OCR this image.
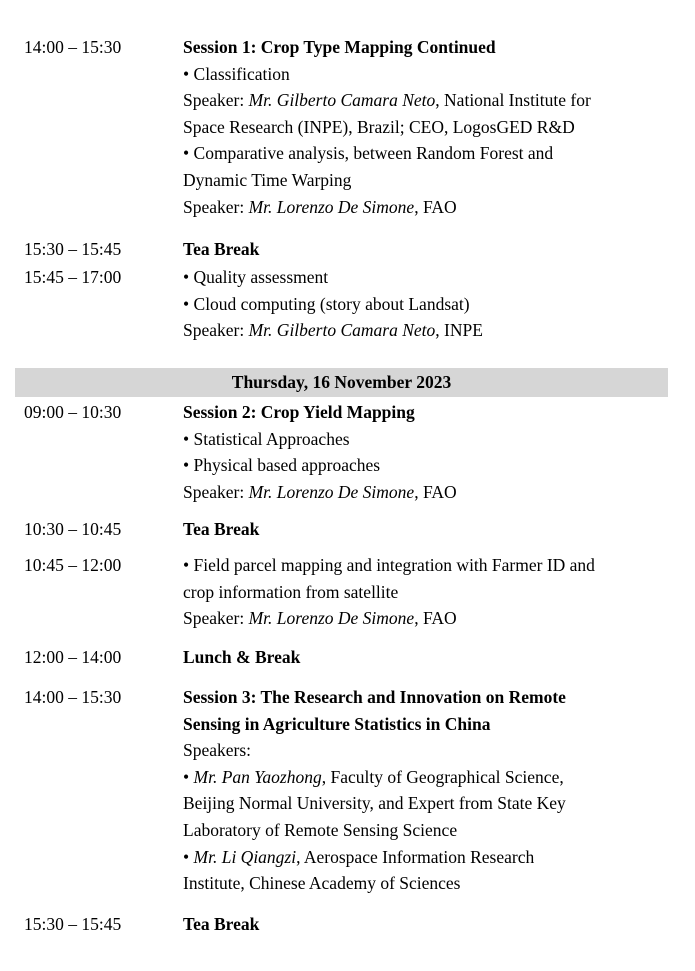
14:00 – 15:30	Session 1: Crop Type Mapping Continued
• Classification
Speaker: Mr. Gilberto Camara Neto, National Institute for
Space Research (INPE), Brazil; CEO, LogosGED R&D
• Comparative analysis, between Random Forest and
Dynamic Time Warping
Speaker: Mr. Lorenzo De Simone, FAO
15:30 – 15:45	Tea Break
15:45 – 17:00	• Quality assessment
• Cloud computing (story about Landsat)
Speaker: Mr. Gilberto Camara Neto, INPE
Thursday, 16 November 2023
09:00 – 10:30	Session 2: Crop Yield Mapping
• Statistical Approaches
• Physical based approaches
Speaker: Mr. Lorenzo De Simone, FAO
10:30 – 10:45	Tea Break
10:45 – 12:00	• Field parcel mapping and integration with Farmer ID and
crop information from satellite
Speaker: Mr. Lorenzo De Simone, FAO
12:00 – 14:00	Lunch & Break
14:00 – 15:30	Session 3: The Research and Innovation on Remote
Sensing in Agriculture Statistics in China
Speakers:
• Mr. Pan Yaozhong, Faculty of Geographical Science,
Beijing Normal University, and Expert from State Key
Laboratory of Remote Sensing Science
• Mr. Li Qiangzi, Aerospace Information Research
Institute, Chinese Academy of Sciences
15:30 – 15:45	Tea Break
